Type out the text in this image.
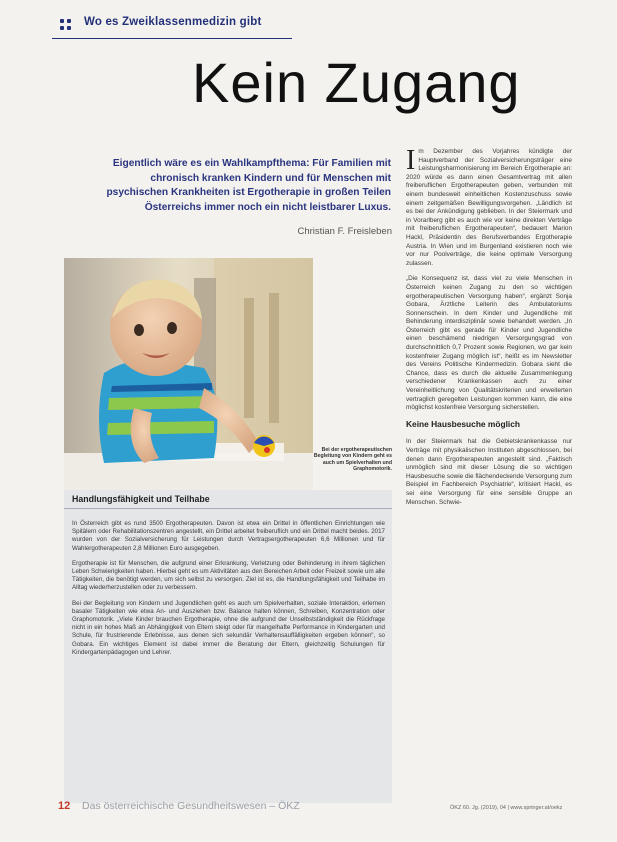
Wo es Zweiklassenmedizin gibt
Kein Zugang
Eigentlich wäre es ein Wahlkampfthema: Für Familien mit chronisch kranken Kindern und für Menschen mit psychischen Krankheiten ist Ergotherapie in großen Teilen Österreichs immer noch ein nicht leistbarer Luxus.
Christian F. Freisleben
Bei der ergotherapeutischen Begleitung von Kindern geht es auch um Spielverhalten und Graphomotorik.
Handlungsfähigkeit und Teilhabe

In Österreich gibt es rund 3500 Ergotherapeuten. Davon ist etwa ein Drittel in öffentlichen Einrichtungen wie Spitälern oder Rehabilitationszentren angestellt, ein Drittel arbeitet freiberuflich und ein Drittel macht beides. 2017 wurden von der Sozialversicherung für Leistungen durch Vertragsergotherapeuten 6,6 Millionen und für Wahlergotherapeuten 2,8 Millionen Euro ausgegeben.

Ergotherapie ist für Menschen, die aufgrund einer Erkrankung, Verletzung oder Behinderung in ihrem täglichen Leben Schwierigkeiten haben. Hierbei geht es um Aktivitäten aus den Bereichen Arbeit oder Freizeit sowie um alle Tätigkeiten, die benötigt werden, um sich selbst zu versorgen. Ziel ist es, die Handlungsfähigkeit und Teilhabe im Alltag wiederherzustellen oder zu verbessern.

Bei der Begleitung von Kindern und Jugendlichen geht es auch um Spielverhalten, soziale Interaktion, erlernen basaler Tätigkeiten wie etwa An- und Ausziehen bzw. Balance halten können, Schreiben, Konzentration oder Graphomotorik. „Viele Kinder brauchen Ergotherapie, ohne die aufgrund der Unselbstständigkeit die Rückfrage nicht in ein hohes Maß an Abhängigkeit von Eltern steigt oder für mangelhafte Performance in Kindergarten und Schule, für frustrierende Erlebnisse, aus denen sich sekundär Verhaltensauffälligkeiten ergeben können“, so Gobara. Ein wichtiges Element ist dabei immer die Beratung der Eltern, gleichzeitig Schulungen für Kindergartenpädagogen und Lehrer.

Im Dezember des Vorjahres kündigte der Hauptverband der Sozialversicherungsträger eine Leistungsharmonisierung im Bereich Ergotherapie an: 2020 würde es dann einen Gesamtvertrag mit allen freiberuflichen Ergotherapeuten geben, verbunden mit einem bundesweit einheitlichen Kostenzuschuss sowie einem zeitgemäßen Bewilligungsvorgehen. „Ländlich ist es bei der Ankündigung geblieben. In der Steiermark und in Vorarlberg gibt es auch wie vor keine direkten Verträge mit freiberuflichen Ergotherapeuten“, bedauert Marion Hackl, Präsidentin des Berufsverbandes Ergotherapie Austria. In Wien und im Burgenland existieren noch wie vor nur Poolverträge, die keine optimale Versorgung zulassen.

„Die Konsequenz ist, dass viel zu viele Menschen in Österreich keinen Zugang zu den so wichtigen ergotherapeutischen Versorgung haben“, ergänzt Sonja Gobara, Ärztliche Leiterin des Ambulatoriums Sonnenschein. In dem Kinder und Jugendliche mit Behinderung interdisziplinär sowie behandelt werden. „In Österreich gibt es gerade für Kinder und Jugendliche einen beschämend niedrigen Versorgungsgrad von durchschnittlich 0,7 Prozent sowie Regionen, wo gar kein kostenfreier Zugang möglich ist“, heißt es im Newsletter des Vereins Politische Kindermedizin. Gobara sieht die Chance, dass es durch die aktuelle Zusammenlegung verschiedener Krankenkassen auch zu einer Vereinheitlichung von Qualitätskriterien und erweiterten vertraglich geregelten Leistungen kommen kann, die eine möglichst kostenfreie Versorgung sicherstellen.

Keine Hausbesuche möglich

In der Steiermark hat die Gebietskrankenkasse nur Verträge mit physikalischen Instituten abgeschlossen, bei denen dann Ergotherapeuten angestellt sind. „Faktisch unmöglich sind mit dieser Lösung die so wichtigen Hausbesuche sowie die flächendeckende Versorgung zum Beispiel im Fachbereich Psychiatrie“, kritisiert Hackl, es sei eine Versorgung für eine sensible Gruppe an Menschen. Schwie-

12 Das österreichische Gesundheitswesen – ÖKZ	ÖKZ 60. Jg. (2019), 04 | www.springer.at/oekz
